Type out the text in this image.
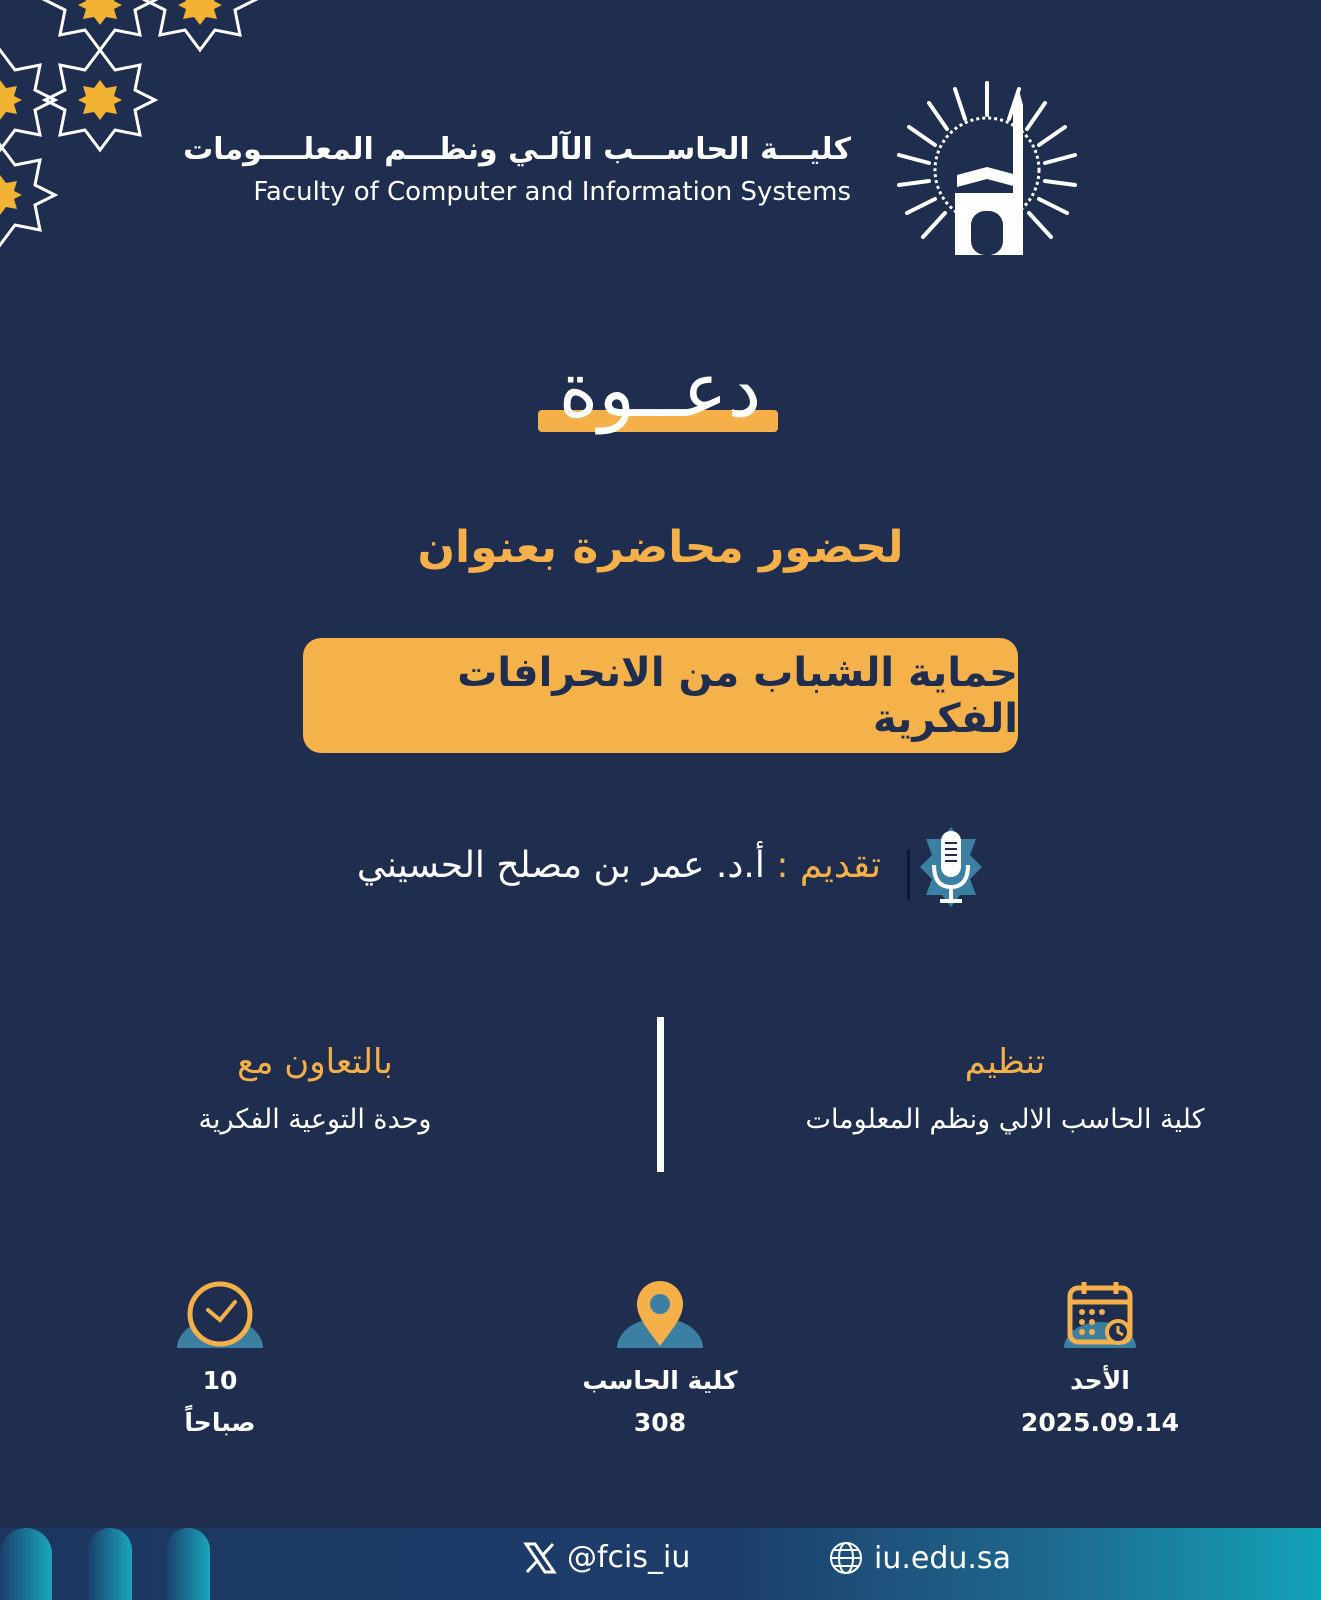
كليـــة الحاســـب الآلـي ونظـــم المعلــــومات
Faculty of Computer and Information Systems
دعــوة
لحضور محاضرة بعنوان
حماية الشباب من الانحرافات الفكرية
تقديم : أ.د. عمر بن مصلح الحسيني
تنظيم
كلية الحاسب الالي ونظم المعلومات
بالتعاون مع
وحدة التوعية الفكرية
الأحد
2025.09.14
كلية الحاسب
308
10
صباحاً
@fcis_iu	iu.edu.sa
